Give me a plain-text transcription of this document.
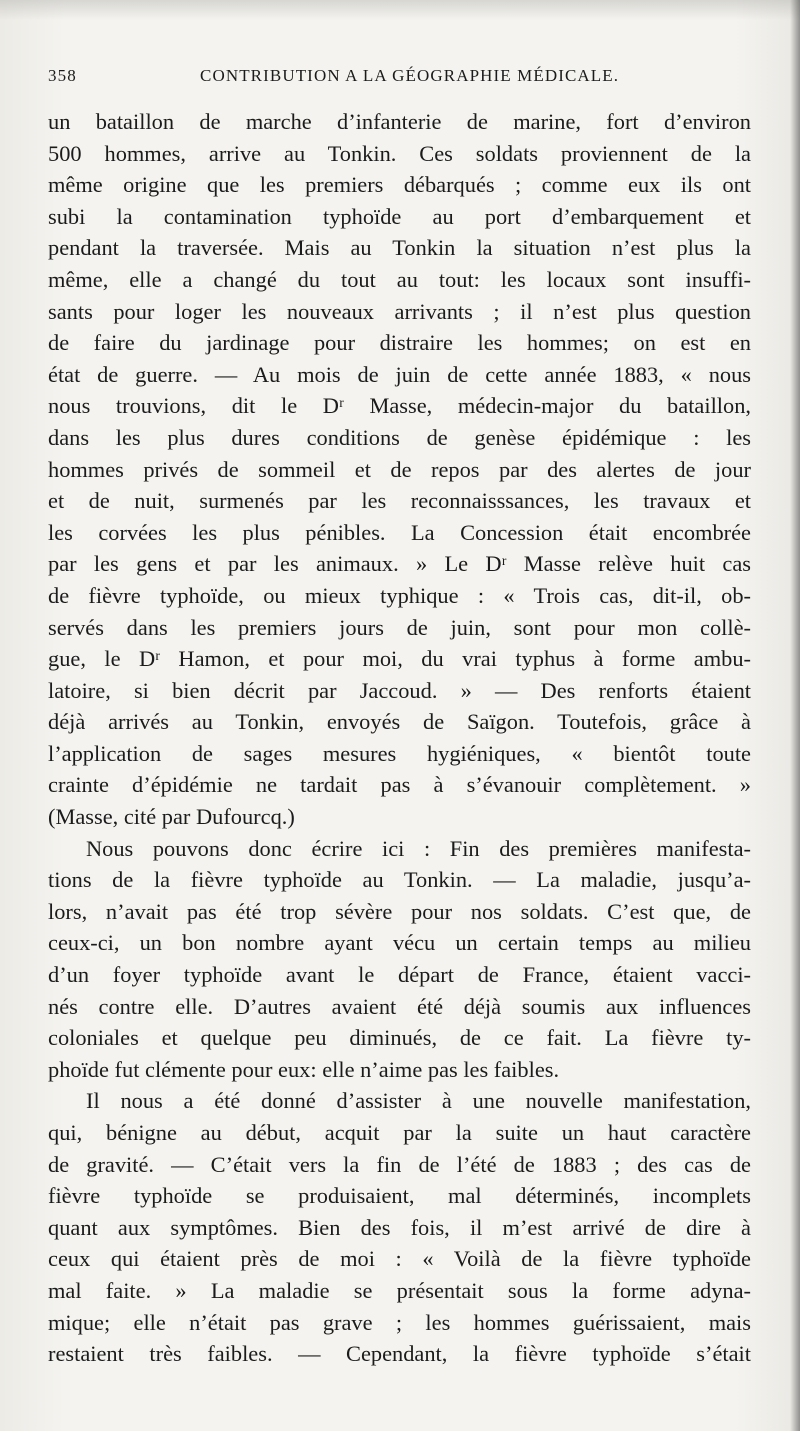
358	CONTRIBUTION A LA GÉOGRAPHIE MÉDICALE.
un bataillon de marche d’infanterie de marine, fort d’environ
500 hommes, arrive au Tonkin. Ces soldats proviennent de la
même origine que les premiers débarqués ; comme eux ils ont
subi la contamination typhoïde au port d’embarquement et
pendant la traversée. Mais au Tonkin la situation n’est plus la
même, elle a changé du tout au tout: les locaux sont insuffi-
sants pour loger les nouveaux arrivants ; il n’est plus question
de faire du jardinage pour distraire les hommes; on est en
état de guerre. — Au mois de juin de cette année 1883, « nous
nous trouvions, dit le Dʳ Masse, médecin-major du bataillon,
dans les plus dures conditions de genèse épidémique : les
hommes privés de sommeil et de repos par des alertes de jour
et de nuit, surmenés par les reconnaisssances, les travaux et
les corvées les plus pénibles. La Concession était encombrée
par les gens et par les animaux. » Le Dʳ Masse relève huit cas
de fièvre typhoïde, ou mieux typhique : « Trois cas, dit-il, ob-
servés dans les premiers jours de juin, sont pour mon collè-
gue, le Dʳ Hamon, et pour moi, du vrai typhus à forme ambu-
latoire, si bien décrit par Jaccoud. » — Des renforts étaient
déjà arrivés au Tonkin, envoyés de Saïgon. Toutefois, grâce à
l’application de sages mesures hygiéniques, « bientôt toute
crainte d’épidémie ne tardait pas à s’évanouir complètement. »
(Masse, cité par Dufourcq.)
Nous pouvons donc écrire ici : Fin des premières manifesta-
tions de la fièvre typhoïde au Tonkin. — La maladie, jusqu’a-
lors, n’avait pas été trop sévère pour nos soldats. C’est que, de
ceux-ci, un bon nombre ayant vécu un certain temps au milieu
d’un foyer typhoïde avant le départ de France, étaient vacci-
nés contre elle. D’autres avaient été déjà soumis aux influences
coloniales et quelque peu diminués, de ce fait. La fièvre ty-
phoïde fut clémente pour eux: elle n’aime pas les faibles.
Il nous a été donné d’assister à une nouvelle manifestation,
qui, bénigne au début, acquit par la suite un haut caractère
de gravité. — C’était vers la fin de l’été de 1883 ; des cas de
fièvre typhoïde se produisaient, mal déterminés, incomplets
quant aux symptômes. Bien des fois, il m’est arrivé de dire à
ceux qui étaient près de moi : « Voilà de la fièvre typhoïde
mal faite. » La maladie se présentait sous la forme adyna-
mique; elle n’était pas grave ; les hommes guérissaient, mais
restaient très faibles. — Cependant, la fièvre typhoïde s’était
